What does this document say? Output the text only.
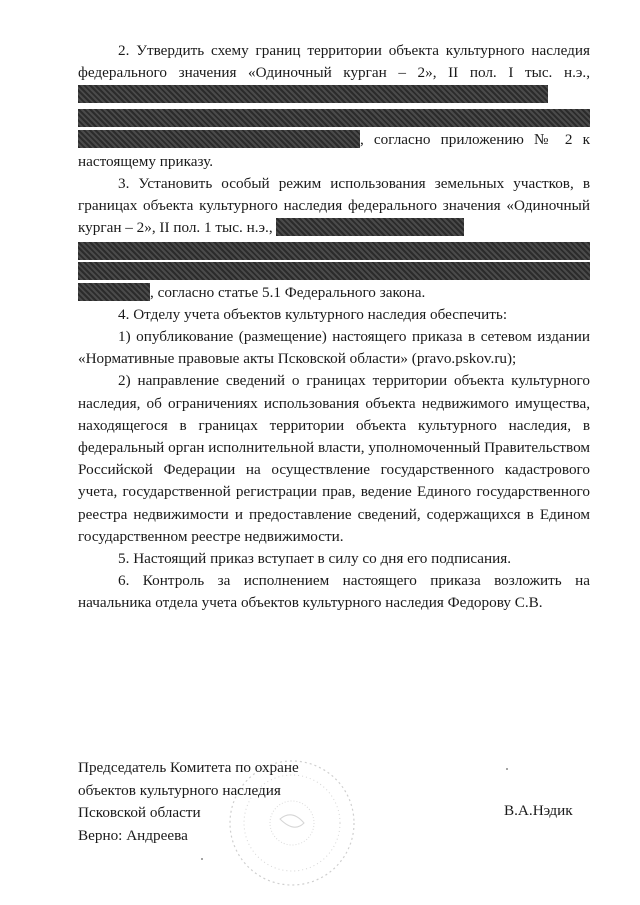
2. Утвердить схему границ территории объекта культурного наследия федерального значения «Одиночный курган – 2», II пол. I тыс. н.э.,
, согласно приложению № 2 к настоящему приказу.

3. Установить особый режим использования земельных участков, в границах объекта культурного наследия федерального значения «Одиночный курган – 2», II пол. 1 тыс. н.э.,
, согласно статье 5.1 Федерального закона.

4. Отделу учета объектов культурного наследия обеспечить:

1) опубликование (размещение) настоящего приказа в сетевом издании «Нормативные правовые акты Псковской области» (pravo.pskov.ru);

2) направление сведений о границах территории объекта культурного наследия, об ограничениях использования объекта недвижимого имущества, находящегося в границах территории объекта культурного наследия, в федеральный орган исполнительной власти, уполномоченный Правительством Российской Федерации на осуществление государственного кадастрового учета, государственной регистрации прав, ведение Единого государственного реестра недвижимости и предоставление сведений, содержащихся в Едином государственном реестре недвижимости.

5. Настоящий приказ вступает в силу со дня его подписания.

6. Контроль за исполнением настоящего приказа возложить на начальника отдела учета объектов культурного наследия Федорову С.В.

Председатель Комитета по охране
объектов культурного наследия
Псковской области
Верно: Андреева
В.А.Нэдик
